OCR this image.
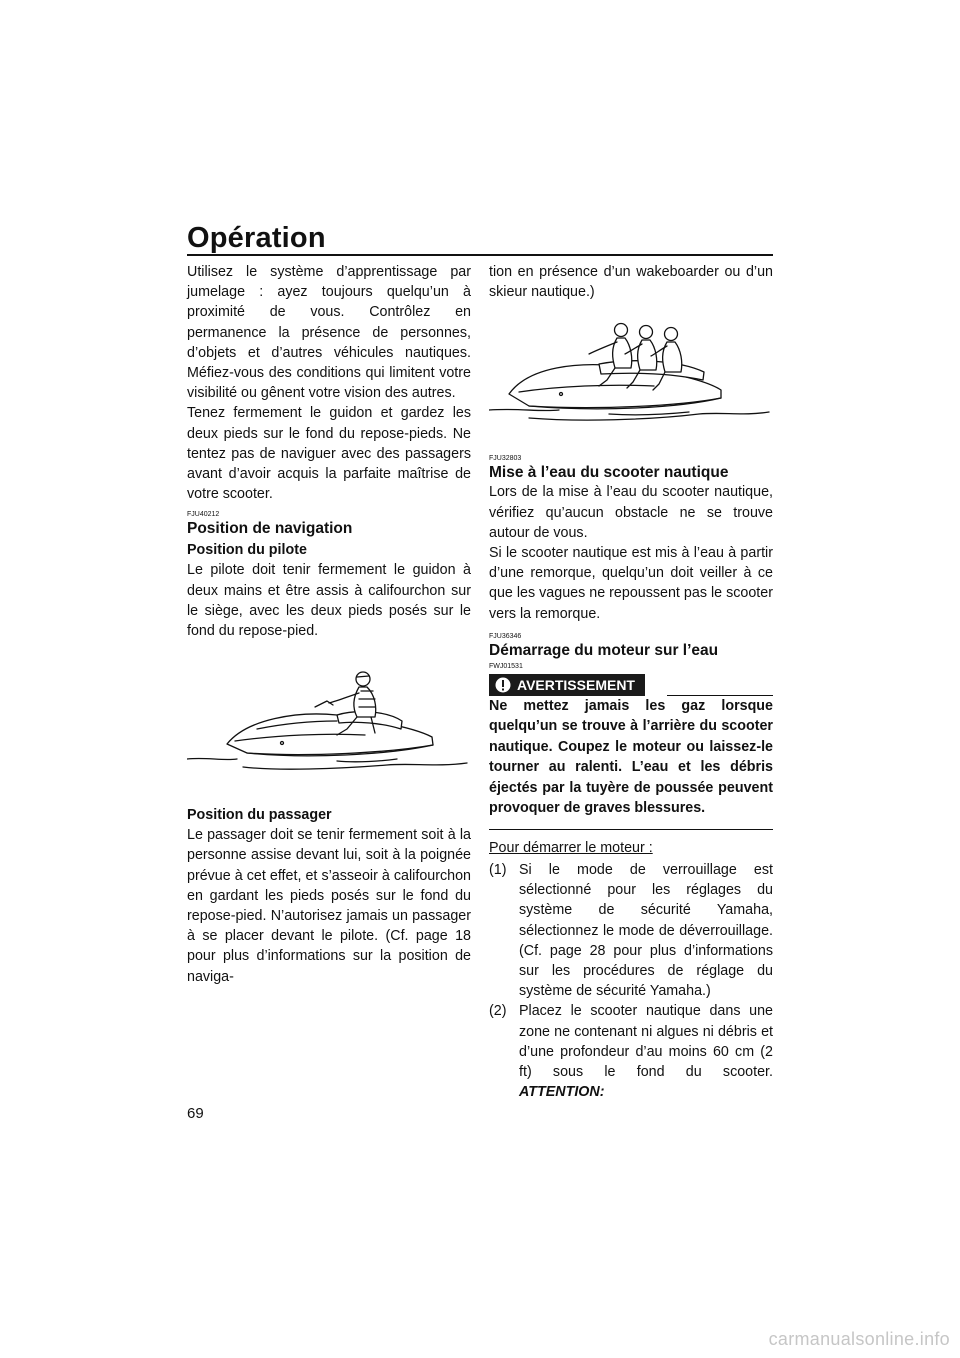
Opération

Utilisez le système d’apprentissage par jumelage : ayez toujours quelqu’un à proximité de vous. Contrôlez en permanence la présence de personnes, d’objets et d’autres véhicules nautiques. Méfiez-vous des conditions qui limitent votre visibilité ou gênent votre vision des autres.

Tenez fermement le guidon et gardez les deux pieds sur le fond du repose-pieds. Ne tentez pas de naviguer avec des passagers avant d’avoir acquis la parfaite maîtrise de votre scooter.

FJU40212
Position de navigation
Position du pilote

Le pilote doit tenir fermement le guidon à deux mains et être assis à califourchon sur le siège, avec les deux pieds posés sur le fond du repose-pied.

Position du passager

Le passager doit se tenir fermement soit à la personne assise devant lui, soit à la poignée prévue à cet effet, et s’asseoir à califourchon en gardant les pieds posés sur le fond du repose-pied. N’autorisez jamais un passager à se placer devant le pilote. (Cf. page 18 pour plus d’informations sur la position de naviga-

tion en présence d’un wakeboarder ou d’un skieur nautique.)

FJU32803
Mise à l’eau du scooter nautique

Lors de la mise à l’eau du scooter nautique, vérifiez qu’aucun obstacle ne se trouve autour de vous.

Si le scooter nautique est mis à l’eau à partir d’une remorque, quelqu’un doit veiller à ce que les vagues ne repoussent pas le scooter vers la remorque.

FJU36346
Démarrage du moteur sur l’eau
FWJ01531
AVERTISSEMENT

Ne mettez jamais les gaz lorsque quelqu’un se trouve à l’arrière du scooter nautique. Coupez le moteur ou laissez-le tourner au ralenti. L’eau et les débris éjectés par la tuyère de poussée peuvent provoquer de graves blessures.

Pour démarrer le moteur :

(1) Si le mode de verrouillage est sélectionné pour les réglages du système de sécurité Yamaha, sélectionnez le mode de déverrouillage. (Cf. page 28 pour plus d’informations sur les procédures de réglage du système de sécurité Yamaha.)
(2) Placez le scooter nautique dans une zone ne contenant ni algues ni débris et d’une profondeur d’au moins 60 cm (2 ft) sous le fond du scooter. ATTENTION:
69
carmanualsonline.info
